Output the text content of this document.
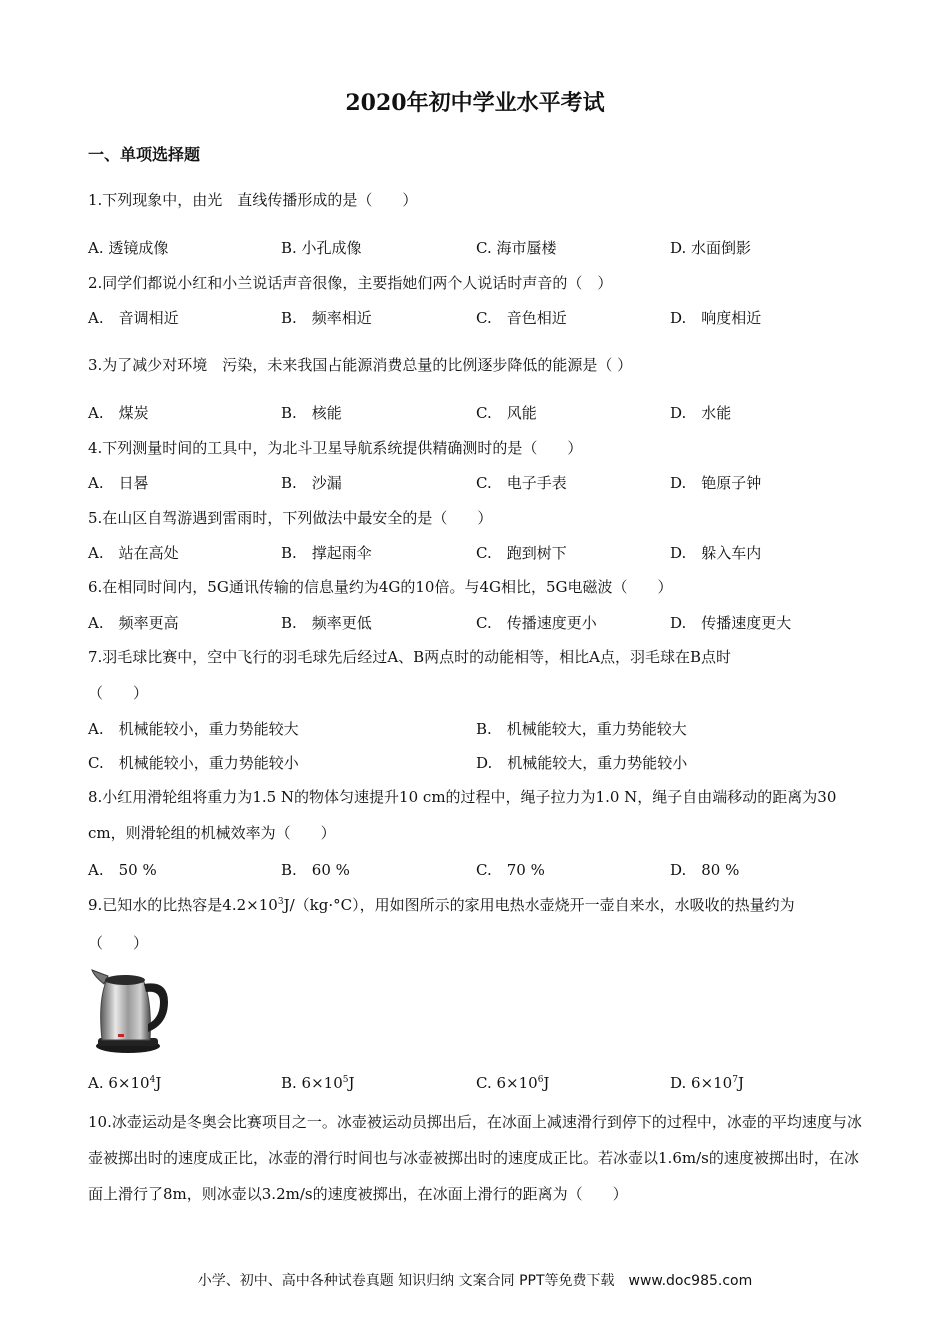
2020年初中学业水平考试
一、单项选择题
1.下列现象中，由光　直线传播形成的是（　　）
A. 透镜成像	B. 小孔成像	C. 海市蜃楼	D. 水面倒影
2.同学们都说小红和小兰说话声音很像，主要指她们两个人说话时声音的（　）
A.　音调相近	B.　频率相近	C.　音色相近	D.　响度相近
3.为了减少对环境　污染，未来我国占能源消费总量的比例逐步降低的能源是（ ）
A.　煤炭	B.　核能	C.　风能	D.　水能
4.下列测量时间的工具中，为北斗卫星导航系统提供精确测时的是（　　）
A.　日晷	B.　沙漏	C.　电子手表	D.　铯原子钟
5.在山区自驾游遇到雷雨时，下列做法中最安全的是（　　）
A.　站在高处	B.　撑起雨伞	C.　跑到树下	D.　躲入车内
6.在相同时间内，5G通讯传输的信息量约为4G的10倍。与4G相比，5G电磁波（　　）
A.　频率更高	B.　频率更低	C.　传播速度更小	D.　传播速度更大
7.羽毛球比赛中，空中飞行的羽毛球先后经过A、B两点时的动能相等，相比A点，羽毛球在B点时
（　　）
A.　机械能较小，重力势能较大	B.　机械能较大，重力势能较大
C.　机械能较小，重力势能较小	D.　机械能较大，重力势能较小
8.小红用滑轮组将重力为1.5 N的物体匀速提升10 cm的过程中，绳子拉力为1.0 N，绳子自由端移动的距离为30 cm，则滑轮组的机械效率为（　　）
A.　50 %	B.　60 %	C.　70 %	D.　80 %
9.已知水的比热容是$4.2\times 10^3J/(kg\cdot^\circ C)$，用如图所示的家用电热水壶烧开一壶自来水，水吸收的热量约为
（　　）
A. $6\times 10^4J$	B. $6\times 10^5J$	C. $6\times 10^6J$	D. $6\times 10^7J$
10.冰壶运动是冬奥会比赛项目之一。冰壶被运动员掷出后，在冰面上减速滑行到停下的过程中，冰壶的平均速度与冰壶被掷出时的速度成正比，冰壶的滑行时间也与冰壶被掷出时的速度成正比。若冰壶以1.6m/s的速度被掷出时，在冰面上滑行了8m，则冰壶以3.2m/s的速度被掷出，在冰面上滑行的距离为（　　）
小学、初中、高中各种试卷真题 知识归纳 文案合同 PPT等免费下载　www.doc985.com
